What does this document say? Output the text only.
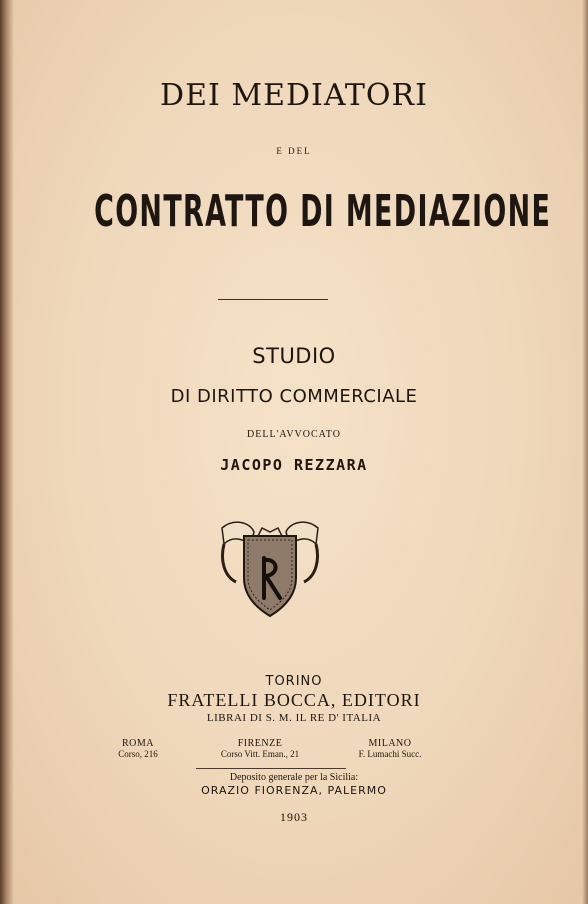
DEI MEDIATORI
E DEL
CONTRATTO DI MEDIAZIONE
STUDIO
DI DIRITTO COMMERCIALE
DELL'AVVOCATO
JACOPO REZZARA
TORINO
FRATELLI BOCCA, EDITORI
LIBRAI DI S. M. IL RE D' ITALIA
ROMA
Corso, 216
FIRENZE
Corso Vitt. Eman., 21
MILANO
F. Lumachi Succ.
Deposito generale per la Sicilia:
ORAZIO FIORENZA, PALERMO
1903
